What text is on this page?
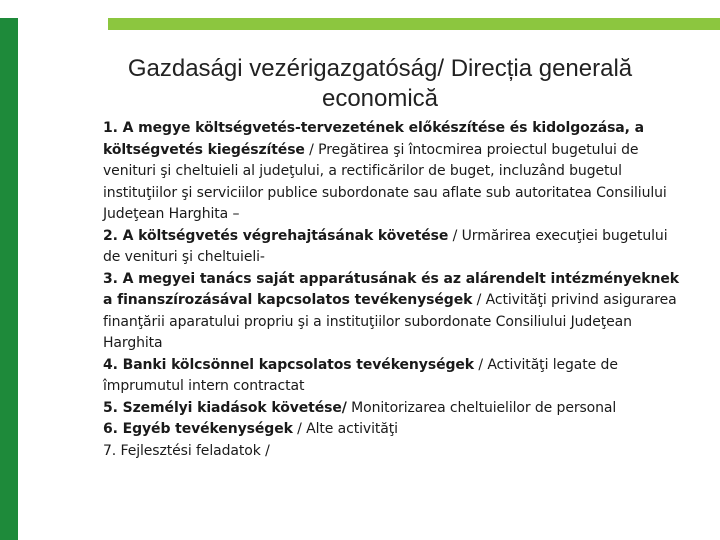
Gazdasági vezérigazgatóság/ Direcția generală economică

1. A megye költségvetés-tervezetének előkészítése és kidolgozása, a költségvetés kiegészítése / Pregătirea şi întocmirea proiectul bugetului de venituri şi cheltuieli al judeţului, a rectificărilor de buget, incluzând bugetul instituţiilor şi serviciilor publice subordonate sau aflate sub autoritatea Consiliului Judeţean Harghita –

2. A költségvetés végrehajtásának követése / Urmărirea execuţiei bugetului de venituri şi cheltuieli-

3. A megyei tanács saját apparátusának és az alárendelt intézményeknek a finanszírozásával kapcsolatos tevékenységek / Activităţi privind asigurarea finanţării aparatului propriu şi a instituţiilor subordonate Consiliului Judeţean Harghita

4. Banki kölcsönnel kapcsolatos tevékenységek / Activităţi legate de împrumutul intern contractat

5. Személyi kiadások követése/ Monitorizarea cheltuielilor de personal

6. Egyéb tevékenységek / Alte activităţi

7. Fejlesztési feladatok /
